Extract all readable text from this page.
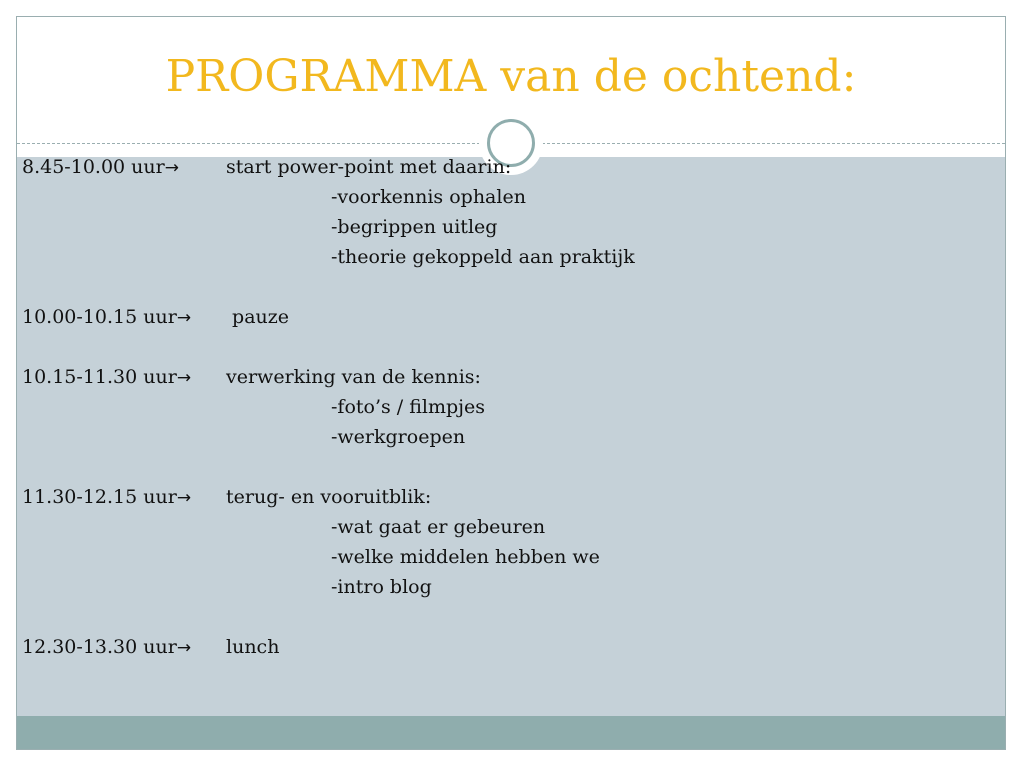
PROGRAMMA van de ochtend:
8.45-10.00 uur→ start power-point met daarin:
-voorkennis ophalen
-begrippen uitleg
-theorie gekoppeld aan praktijk
10.00-10.15 uur→ pauze
10.15-11.30 uur→ verwerking van de kennis:
-foto’s / filmpjes
-werkgroepen
11.30-12.15 uur→ terug- en vooruitblik:
-wat gaat er gebeuren
-welke middelen hebben we
-intro blog
12.30-13.30 uur→ lunch
